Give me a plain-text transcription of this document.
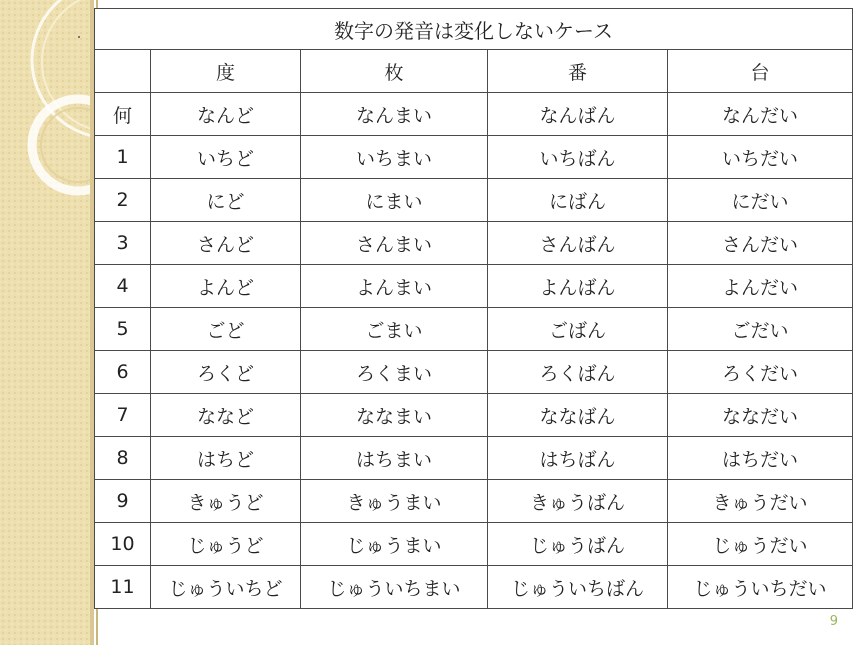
数字の発音は変化しないケース				
	度	枚	番	台
何	なんど	なんまい	なんばん	なんだい
1	いちど	いちまい	いちばん	いちだい
2	にど	にまい	にばん	にだい
3	さんど	さんまい	さんばん	さんだい
4	よんど	よんまい	よんばん	よんだい
5	ごど	ごまい	ごばん	ごだい
6	ろくど	ろくまい	ろくばん	ろくだい
7	ななど	ななまい	ななばん	ななだい
8	はちど	はちまい	はちばん	はちだい
9	きゅうど	きゅうまい	きゅうばん	きゅうだい
10	じゅうど	じゅうまい	じゅうばん	じゅうだい
11	じゅういちど	じゅういちまい	じゅういちばん	じゅういちだい
9
